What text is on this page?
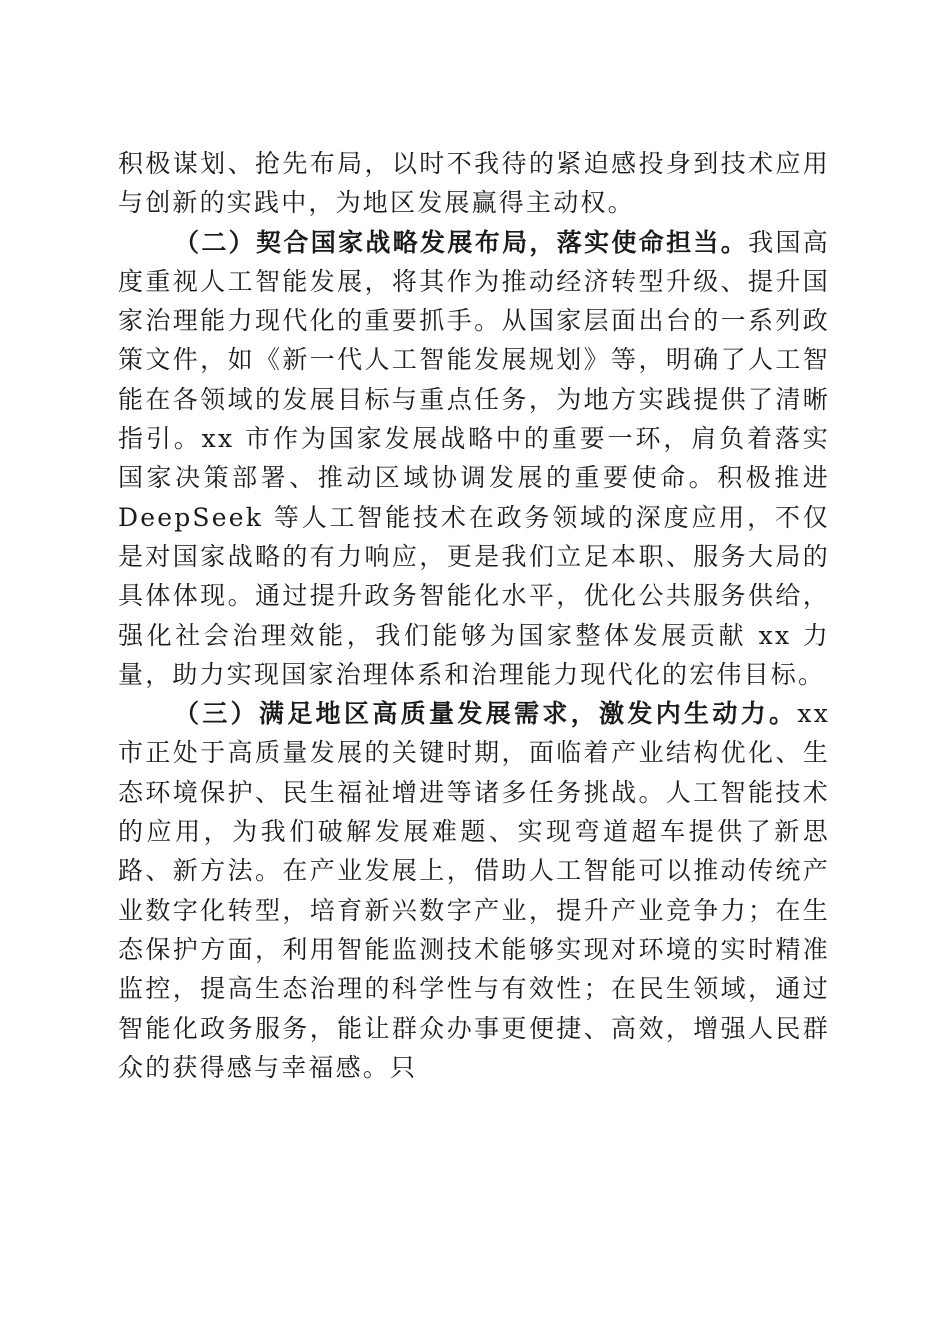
积极谋划、抢先布局，以时不我待的紧迫感投身到技术应用与创新的实践中，为地区发展赢得主动权。

（二）契合国家战略发展布局，落实使命担当。我国高度重视人工智能发展，将其作为推动经济转型升级、提升国家治理能力现代化的重要抓手。从国家层面出台的一系列政策文件，如《新一代人工智能发展规划》等，明确了人工智能在各领域的发展目标与重点任务，为地方实践提供了清晰指引。xx 市作为国家发展战略中的重要一环，肩负着落实国家决策部署、推动区域协调发展的重要使命。积极推进 DeepSeek 等人工智能技术在政务领域的深度应用，不仅是对国家战略的有力响应，更是我们立足本职、服务大局的具体体现。通过提升政务智能化水平，优化公共服务供给，强化社会治理效能，我们能够为国家整体发展贡献 xx 力量，助力实现国家治理体系和治理能力现代化的宏伟目标。

（三）满足地区高质量发展需求，激发内生动力。xx 市正处于高质量发展的关键时期，面临着产业结构优化、生态环境保护、民生福祉增进等诸多任务挑战。人工智能技术的应用，为我们破解发展难题、实现弯道超车提供了新思路、新方法。在产业发展上，借助人工智能可以推动传统产业数字化转型，培育新兴数字产业，提升产业竞争力；在生态保护方面，利用智能监测技术能够实现对环境的实时精准监控，提高生态治理的科学性与有效性；在民生领域，通过智能化政务服务，能让群众办事更便捷、高效，增强人民群众的获得感与幸福感。只
